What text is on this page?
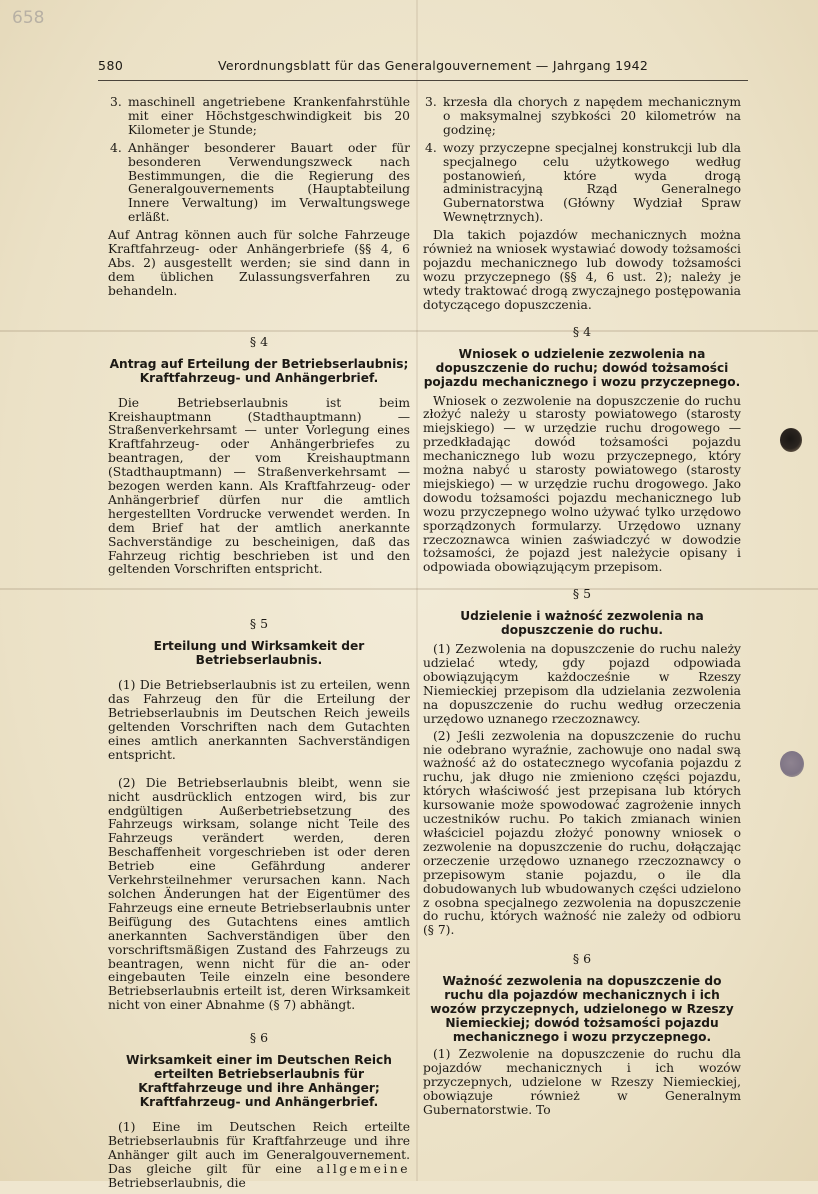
658
580	Verordnungsblatt für das Generalgouvernement — Jahrgang 1942
3. maschinell angetriebene Krankenfahrstühle mit einer Höchstgeschwindigkeit bis 20 Kilometer je Stunde;
4. Anhänger besonderer Bauart oder für besonderen Verwendungszweck nach Bestimmungen, die die Regierung des Generalgouvernements (Hauptabteilung Innere Verwaltung) im Verwaltungswege erläßt.

Auf Antrag können auch für solche Fahrzeuge Kraftfahrzeug- oder Anhängerbriefe (§§ 4, 6 Abs. 2) ausgestellt werden; sie sind dann in dem üblichen Zulassungsverfahren zu behandeln.

§ 4
Antrag auf Erteilung der Betriebserlaubnis; Kraftfahrzeug- und Anhängerbrief.

Die Betriebserlaubnis ist beim Kreishauptmann (Stadthauptmann) — Straßenverkehrsamt — unter Vorlegung eines Kraftfahrzeug- oder Anhängerbriefes zu beantragen, der vom Kreishauptmann (Stadthauptmann) — Straßenverkehrsamt — bezogen werden kann. Als Kraftfahrzeug- oder Anhängerbrief dürfen nur die amtlich hergestellten Vordrucke verwendet werden. In dem Brief hat der amtlich anerkannte Sachverständige zu bescheinigen, daß das Fahrzeug richtig beschrieben ist und den geltenden Vorschriften entspricht.

§ 5
Erteilung und Wirksamkeit der Betriebserlaubnis.

(1) Die Betriebserlaubnis ist zu erteilen, wenn das Fahrzeug den für die Erteilung der Betriebserlaubnis im Deutschen Reich jeweils geltenden Vorschriften nach dem Gutachten eines amtlich anerkannten Sachverständigen entspricht.

(2) Die Betriebserlaubnis bleibt, wenn sie nicht ausdrücklich entzogen wird, bis zur endgültigen Außerbetriebsetzung des Fahrzeugs wirksam, solange nicht Teile des Fahrzeugs verändert werden, deren Beschaffenheit vorgeschrieben ist oder deren Betrieb eine Gefährdung anderer Verkehrsteilnehmer verursachen kann. Nach solchen Änderungen hat der Eigentümer des Fahrzeugs eine erneute Betriebserlaubnis unter Beifügung des Gutachtens eines amtlich anerkannten Sachverständigen über den vorschriftsmäßigen Zustand des Fahrzeugs zu beantragen, wenn nicht für die an- oder eingebauten Teile einzeln eine besondere Betriebserlaubnis erteilt ist, deren Wirksamkeit nicht von einer Abnahme (§ 7) abhängt.

§ 6
Wirksamkeit einer im Deutschen Reich erteilten Betriebserlaubnis für Kraftfahrzeuge und ihre Anhänger; Kraftfahrzeug- und Anhängerbrief.

(1) Eine im Deutschen Reich erteilte Betriebserlaubnis für Kraftfahrzeuge und ihre Anhänger gilt auch im Generalgouvernement. Das gleiche gilt für eine allgemeine Betriebserlaubnis, die

3. krzesła dla chorych z napędem mechanicznym o maksymalnej szybkości 20 kilometrów na godzinę;
4. wozy przyczepne specjalnej konstrukcji lub dla specjalnego celu użytkowego według postanowień, które wyda drogą administracyjną Rząd Generalnego Gubernatorstwa (Główny Wydział Spraw Wewnętrznych).

Dla takich pojazdów mechanicznych można również na wniosek wystawiać dowody tożsamości pojazdu mechanicznego lub dowody tożsamości wozu przyczepnego (§§ 4, 6 ust. 2); należy je wtedy traktować drogą zwyczajnego postępowania dotyczącego dopuszczenia.

§ 4
Wniosek o udzielenie zezwolenia na dopuszczenie do ruchu; dowód tożsamości pojazdu mechanicznego i wozu przyczepnego.

Wniosek o zezwolenie na dopuszczenie do ruchu złożyć należy u starosty powiatowego (starosty miejskiego) — w urzędzie ruchu drogowego — przedkładając dowód tożsamości pojazdu mechanicznego lub wozu przyczepnego, który można nabyć u starosty powiatowego (starosty miejskiego) — w urzędzie ruchu drogowego. Jako dowodu tożsamości pojazdu mechanicznego lub wozu przyczepnego wolno używać tylko urzędowo sporządzonych formularzy. Urzędowo uznany rzeczoznawca winien zaświadczyć w dowodzie tożsamości, że pojazd jest należycie opisany i odpowiada obowiązującym przepisom.

§ 5
Udzielenie i ważność zezwolenia na dopuszczenie do ruchu.

(1) Zezwolenia na dopuszczenie do ruchu należy udzielać wtedy, gdy pojazd odpowiada obowiązującym każdocześnie w Rzeszy Niemieckiej przepisom dla udzielania zezwolenia na dopuszczenie do ruchu według orzeczenia urzędowo uznanego rzeczoznawcy.

(2) Jeśli zezwolenia na dopuszczenie do ruchu nie odebrano wyraźnie, zachowuje ono nadal swą ważność aż do ostatecznego wycofania pojazdu z ruchu, jak długo nie zmieniono części pojazdu, których właściwość jest przepisana lub których kursowanie może spowodować zagrożenie innych uczestników ruchu. Po takich zmianach winien właściciel pojazdu złożyć ponowny wniosek o zezwolenie na dopuszczenie do ruchu, dołączając orzeczenie urzędowo uznanego rzeczoznawcy o przepisowym stanie pojazdu, o ile dla dobudowanych lub wbudowanych części udzielono z osobna specjalnego zezwolenia na dopuszczenie do ruchu, których ważność nie zależy od odbioru (§ 7).

§ 6
Ważność zezwolenia na dopuszczenie do ruchu dla pojazdów mechanicznych i ich wozów przyczepnych, udzielonego w Rzeszy Niemieckiej; dowód tożsamości pojazdu mechanicznego i wozu przyczepnego.

(1) Zezwolenie na dopuszczenie do ruchu dla pojazdów mechanicznych i ich wozów przyczepnych, udzielone w Rzeszy Niemieckiej, obowiązuje również w Generalnym Gubernatorstwie. To
